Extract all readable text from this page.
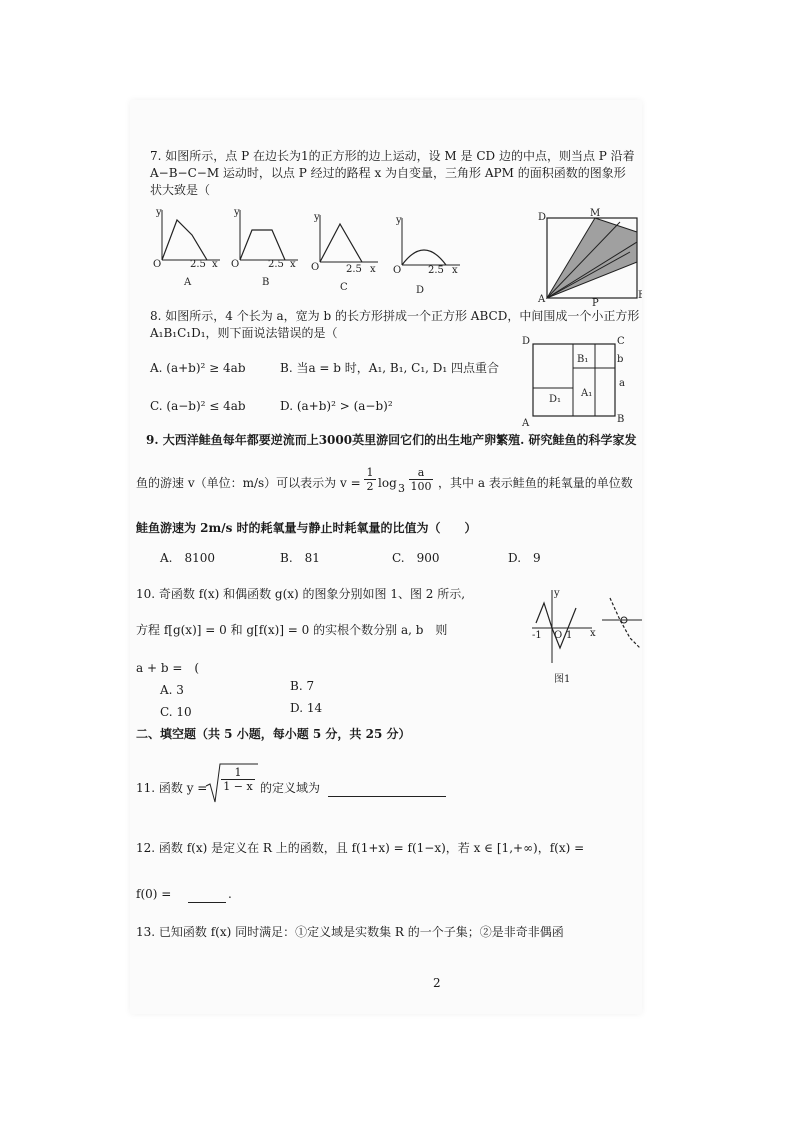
7. 如图所示，点 P 在边长为1的正方形的边上运动，设 M 是 CD 边的中点，则当点 P 沿着
A−B−C−M 运动时，以点 P 经过的路程 x 为自变量，三角形 APM 的面积函数的图象形
状大致是（
y
O	2.5 x
A
y
O	2.5 x
B
y
O	2.5 x
C
y
O	2.5 x
D
D	M
A	B
P
8. 如图所示，4 个长为 a，宽为 b 的长方形拼成一个正方形 ABCD，中间围成一个小正方形
A₁B₁C₁D₁，则下面说法错误的是（
A. (a+b)² ≥ 4ab	B. 当a = b 时，A₁, B₁, C₁, D₁ 四点重合
C. (a−b)² ≤ 4ab	D. (a+b)² > (a−b)²
D	C
A	B
B₁
D₁
A₁
b
a
9. 大西洋鲑鱼每年都要逆流而上3000英里游回它们的出生地产卵繁殖. 研究鲑鱼的科学家发
鱼的游速 v（单位：m/s）可以表示为 $v = \frac{1}{2}$ $\log 3 \frac{a}{100}$ ，其中 a 表示鲑鱼的耗氧量的单位数
鲑鱼游速为 2m/s 时的耗氧量与静止时耗氧量的比值为（　　）
A.　8100	B.　81	C.　900	D.　9
10. 奇函数 f(x) 和偶函数 g(x) 的图象分别如图 1、图 2 所示,
方程 f[g(x)] = 0 和 g[f(x)] = 0 的实根个数分别 a, b　则
a + b =　(
A. 3	B. 7
C. 10	D. 14
-1 O 1 x
y
图1
二、填空题（共 5 小题，每小题 5 分，共 25 分）
11. 函数 $y = \frac{1}{1 - x}$ 的定义域为
12. 函数 f(x) 是定义在 R 上的函数，且 f(1+x) = f(1−x)，若 x ∈ [1,+∞)，f(x) =
f(0) =	.
13. 已知函数 f(x) 同时满足：①定义域是实数集 R 的一个子集；②是非奇非偶函
2
